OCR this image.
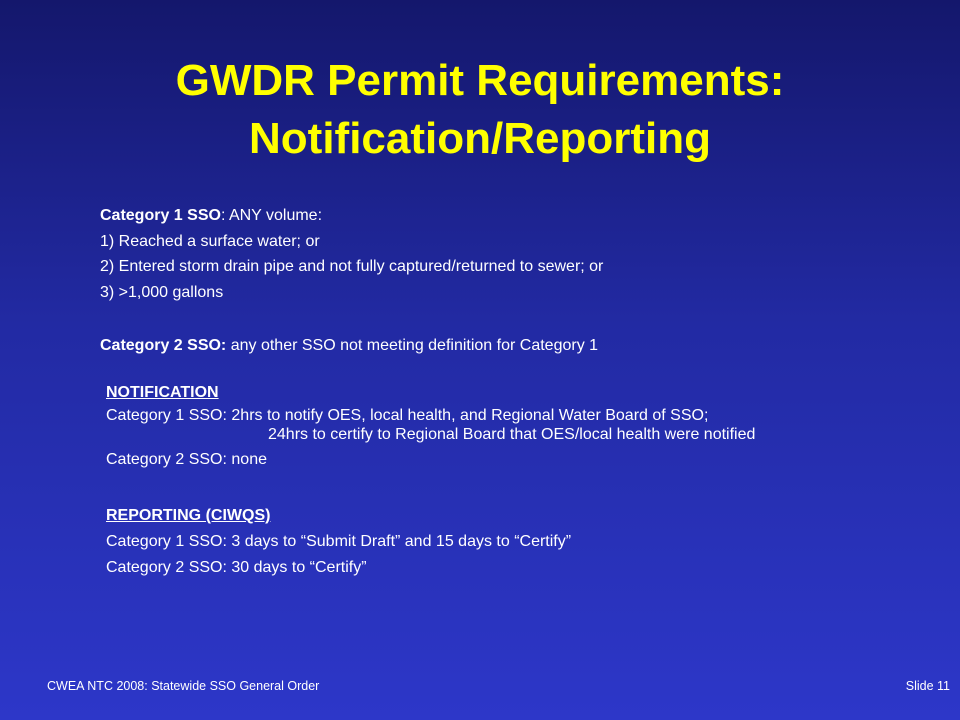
GWDR Permit Requirements:
Notification/Reporting

Category 1 SSO: ANY volume:

1) Reached a surface water; or

2) Entered storm drain pipe and not fully captured/returned to sewer; or

3) >1,000 gallons

Category 2 SSO: any other SSO not meeting definition for Category 1

NOTIFICATION

Category 1 SSO: 2hrs to notify OES, local health, and Regional Water Board of SSO;

24hrs to certify to Regional Board that OES/local health were notified

Category 2 SSO: none

REPORTING (CIWQS)

Category 1 SSO: 3 days to “Submit Draft” and 15 days to “Certify”

Category 2 SSO: 30 days to “Certify”

CWEA NTC 2008: Statewide SSO General Order	Slide 11
